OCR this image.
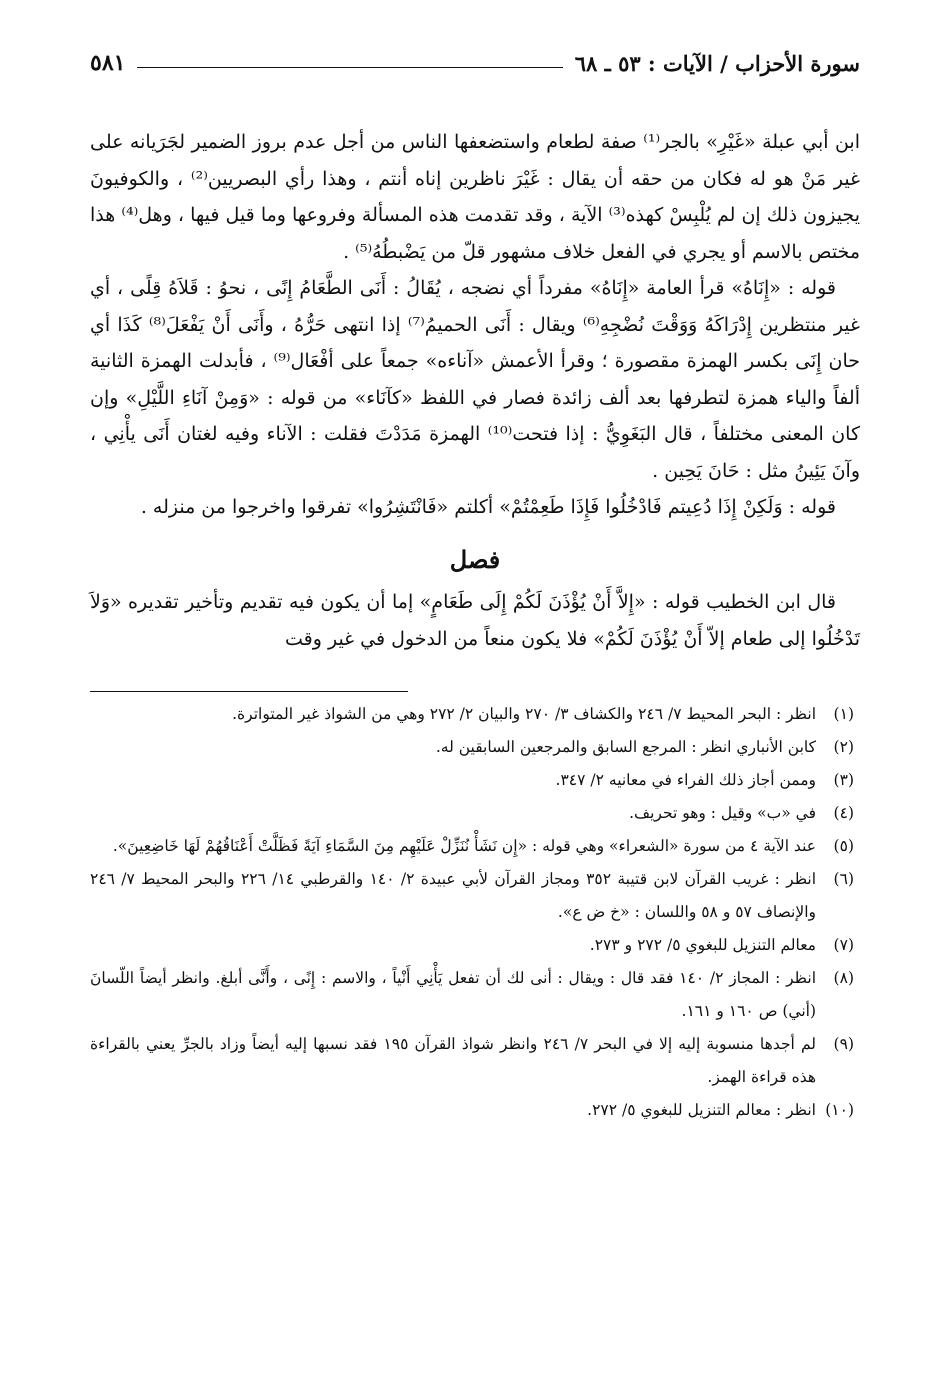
سورة الأحزاب / الآيات : ٥٣ ـ ٦٨
٥٨١

ابن أبي عبلة «غَيْرِ» بالجر⁽¹⁾ صفة لطعام واستضعفها الناس من أجل عدم بروز الضمير لجَرَيانه على غير مَنْ هو له فكان من حقه أن يقال : غَيْرَ ناظرين إناه أنتم ، وهذا رأي البصريين⁽²⁾ ، والكوفيونَ يجيزون ذلك إن لم يُلْبِسْ كهذه⁽³⁾ الآية ، وقد تقدمت هذه المسألة وفروعها وما قيل فيها ، وهل⁽⁴⁾ هذا مختص بالاسم أو يجري في الفعل خلاف مشهور قلّ من يَضْبطُهُ⁽⁵⁾ .

قوله : «إِنَاهُ» قرأ العامة «إِنَاهُ» مفرداً أي نضجه ، يُقَالُ : أَنَى الطَّعَامُ إِنًى ، نحوُ : قَلاَهُ قِلًى ، أي غير منتظرين إِدْرَاكَهُ وَوَقْتَ نُضْجِهِ⁽⁶⁾ ويقال : أَنَى الحميمُ⁽⁷⁾ إذا انتهى حَرُّهُ ، وأَنَى أَنْ يَفْعَلَ⁽⁸⁾ كَذَا أي حان إِنَى بكسر الهمزة مقصورة ؛ وقرأ الأعمش «آناءه» جمعاً على أفْعَال⁽⁹⁾ ، فأبدلت الهمزة الثانية ألفاً والياء همزة لتطرفها بعد ألف زائدة فصار في اللفظ «كآنَاء» من قوله : «وَمِنْ آنَاءِ اللَّيْلِ» وإن كان المعنى مختلفاً ، قال البَغَوِيُّ : إذا فتحت⁽¹⁰⁾ الهمزة مَدَدْتَ فقلت : الآناء وفيه لغتان أَنَى يأْنِي ، وآنَ يَئِينُ مثل : حَانَ يَحِين .

قوله : وَلَكِنْ إِذَا دُعِيتم فَادْخُلُوا فَإِذَا طَعِمْتُمْ» أكلتم «فَانْتَشِرُوا» تفرقوا واخرجوا من منزله .

فصل

قال ابن الخطيب قوله : «إِلاَّ أَنْ يُؤْذَنَ لَكُمْ إِلَى طَعَامٍ» إما أن يكون فيه تقديم وتأخير تقديره «وَلاَ تَدْخُلُوا إلى طعام إلاّ أَنْ يُؤْذَنَ لَكُمْ» فلا يكون منعاً من الدخول في غير وقت

(١)
انظر : البحر المحيط ٧/ ٢٤٦ والكشاف ٣/ ٢٧٠ والبيان ٢/ ٢٧٢ وهي من الشواذ غير المتواترة.
(٢)
كابن الأنباري انظر : المرجع السابق والمرجعين السابقين له.
(٣)
وممن أجاز ذلك الفراء في معانيه ٢/ ٣٤٧.
(٤)
في «ب» وقيل : وهو تحريف.
(٥)
عند الآية ٤ من سورة «الشعراء» وهي قوله : «إِن نَشَأْ نُنَزِّلْ عَلَيْهِم مِنَ السَّمَاءِ آيَةً فَظَلَّتْ أَعْنَاقُهُمْ لَهَا خَاضِعِينَ».
(٦)
انظر : غريب القرآن لابن قتيبة ٣٥٢ ومجاز القرآن لأبي عبيدة ٢/ ١٤٠ والقرطبي ١٤/ ٢٢٦ والبحر المحيط ٧/ ٢٤٦ والإنصاف ٥٧ و ٥٨ واللسان : «خ ض ع».
(٧)
معالم التنزيل للبغوي ٥/ ٢٧٢ و ٢٧٣.
(٨)
انظر : المجاز ٢/ ١٤٠ فقد قال : ويقال : أنى لك أن تفعل يَأْنِي أَنْياً ، والاسم : إِنًى ، وأَنَّى أبلغ. وانظر أيضاً اللّسانَ (أني) ص ١٦٠ و ١٦١.
(٩)
لم أجدها منسوبة إليه إلا في البحر ٧/ ٢٤٦ وانظر شواذ القرآن ١٩٥ فقد نسبها إليه أيضاً وزاد بالجرِّ يعني بالقراءة هذه قراءة الهمز.
(١٠)
انظر : معالم التنزيل للبغوي ٥/ ٢٧٢.
